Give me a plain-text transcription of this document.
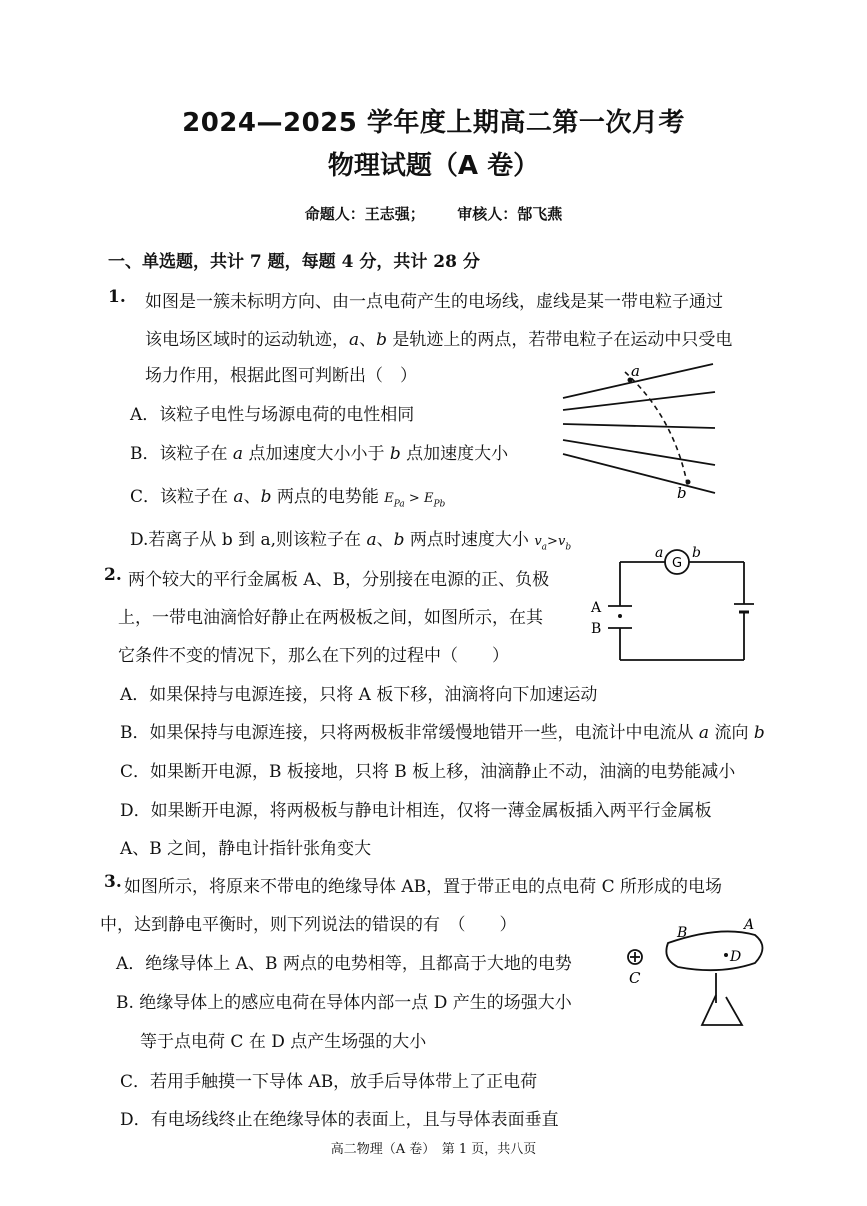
2024—2025 学年度上期高二第一次月考
物理试题（A 卷）
命题人：王志强； 审核人：郜飞燕
一、单选题，共计 7 题，每题 4 分，共计 28 分
1. 如图是一簇未标明方向、由一点电荷产生的电场线，虚线是某一带电粒子通过
该电场区域时的运动轨迹，a、b 是轨迹上的两点，若带电粒子在运动中只受电
场力作用，根据此图可判断出（　）
A．该粒子电性与场源电荷的电性相同
B．该粒子在 a 点加速度大小小于 b 点加速度大小
C．该粒子在 a、b 两点的电势能 $E_{Pa} > E_{Pb}$
D.若离子从 b 到 a,则该粒子在 a、b 两点时速度大小 $v_a>v_b$
a
b
2. 两个较大的平行金属板 A、B，分别接在电源的正、负极
上，一带电油滴恰好静止在两极板之间，如图所示，在其
它条件不变的情况下，那么在下列的过程中（　　）
A．如果保持与电源连接，只将 A 板下移，油滴将向下加速运动
B．如果保持与电源连接，只将两极板非常缓慢地错开一些，电流计中电流从 a 流向 b
C．如果断开电源，B 板接地，只将 B 板上移，油滴静止不动，油滴的电势能减小
D．如果断开电源，将两极板与静电计相连，仅将一薄金属板插入两平行金属板
A、B 之间，静电计指针张角变大
G
a b
A
B
3. 如图所示，将原来不带电的绝缘导体 AB，置于带正电的点电荷 C 所形成的电场
中，达到静电平衡时，则下列说法的错误的有　（　　）
A．绝缘导体上 A、B 两点的电势相等，且都高于大地的电势
B. 绝缘导体上的感应电荷在导体内部一点 D 产生的场强大小
等于点电荷 C 在 D 点产生场强的大小
C．若用手触摸一下导体 AB，放手后导体带上了正电荷
D．有电场线终止在绝缘导体的表面上，且与导体表面垂直
B	A
D
C
高二物理（A 卷）　第 1 页，共八页
